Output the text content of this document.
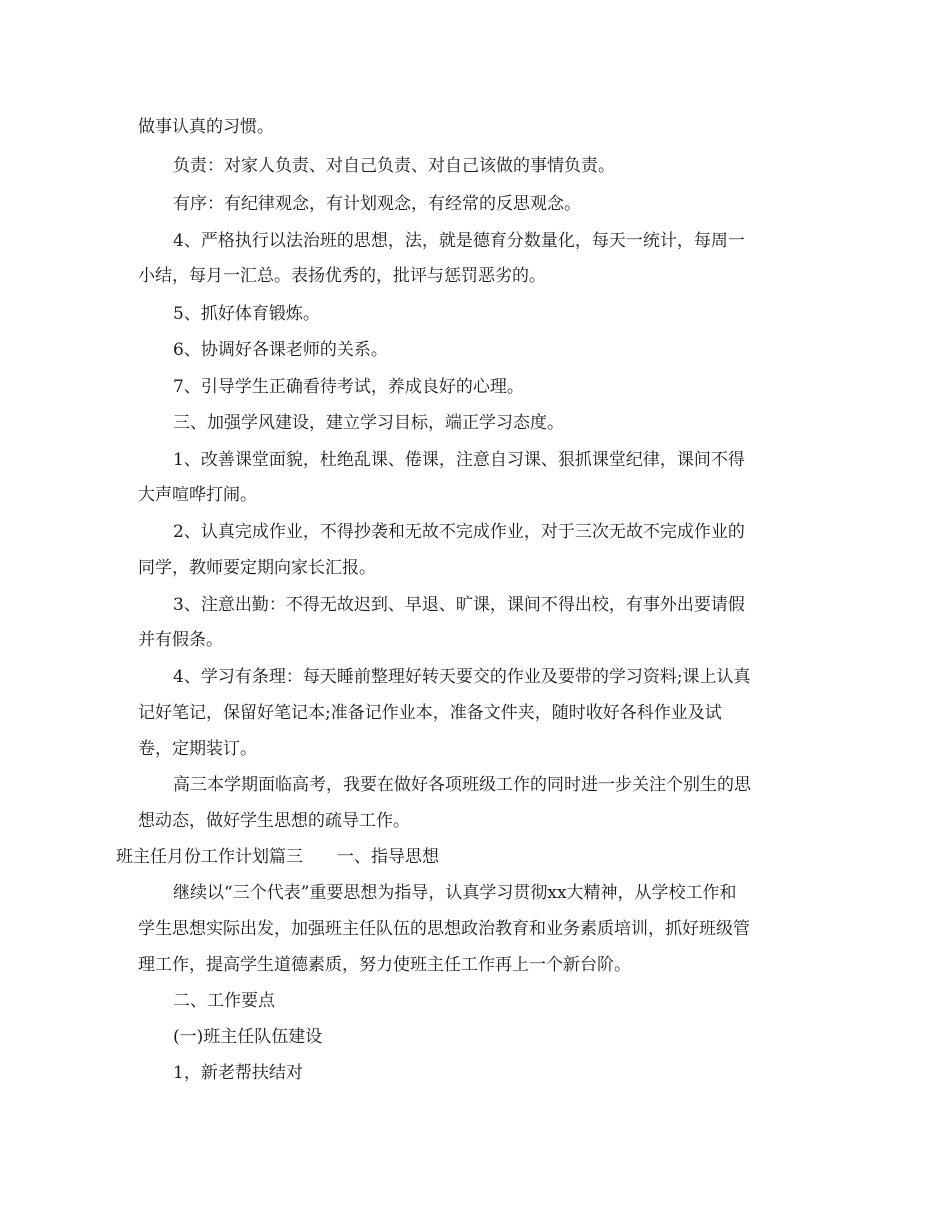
做事认真的习惯。

负责：对家人负责、对自己负责、对自己该做的事情负责。

有序：有纪律观念，有计划观念，有经常的反思观念。

4、严格执行以法治班的思想，法，就是德育分数量化，每天一统计，每周一

小结，每月一汇总。表扬优秀的，批评与惩罚恶劣的。

5、抓好体育锻炼。

6、协调好各课老师的关系。

7、引导学生正确看待考试，养成良好的心理。

三、加强学风建设，建立学习目标，端正学习态度。

1、改善课堂面貌，杜绝乱课、倦课，注意自习课、狠抓课堂纪律，课间不得

大声喧哗打闹。

2、认真完成作业，不得抄袭和无故不完成作业，对于三次无故不完成作业的

同学，教师要定期向家长汇报。

3、注意出勤：不得无故迟到、早退、旷课，课间不得出校，有事外出要请假

并有假条。

4、学习有条理：每天睡前整理好转天要交的作业及要带的学习资料;课上认真

记好笔记，保留好笔记本;准备记作业本，准备文件夹，随时收好各科作业及试

卷，定期装订。

高三本学期面临高考，我要在做好各项班级工作的同时进一步关注个别生的思

想动态，做好学生思想的疏导工作。

班主任月份工作计划篇三　　一、指导思想

继续以“三个代表”重要思想为指导，认真学习贯彻xx大精神，从学校工作和

学生思想实际出发，加强班主任队伍的思想政治教育和业务素质培训，抓好班级管

理工作，提高学生道德素质，努力使班主任工作再上一个新台阶。

二、工作要点

(一)班主任队伍建设

1，新老帮扶结对
